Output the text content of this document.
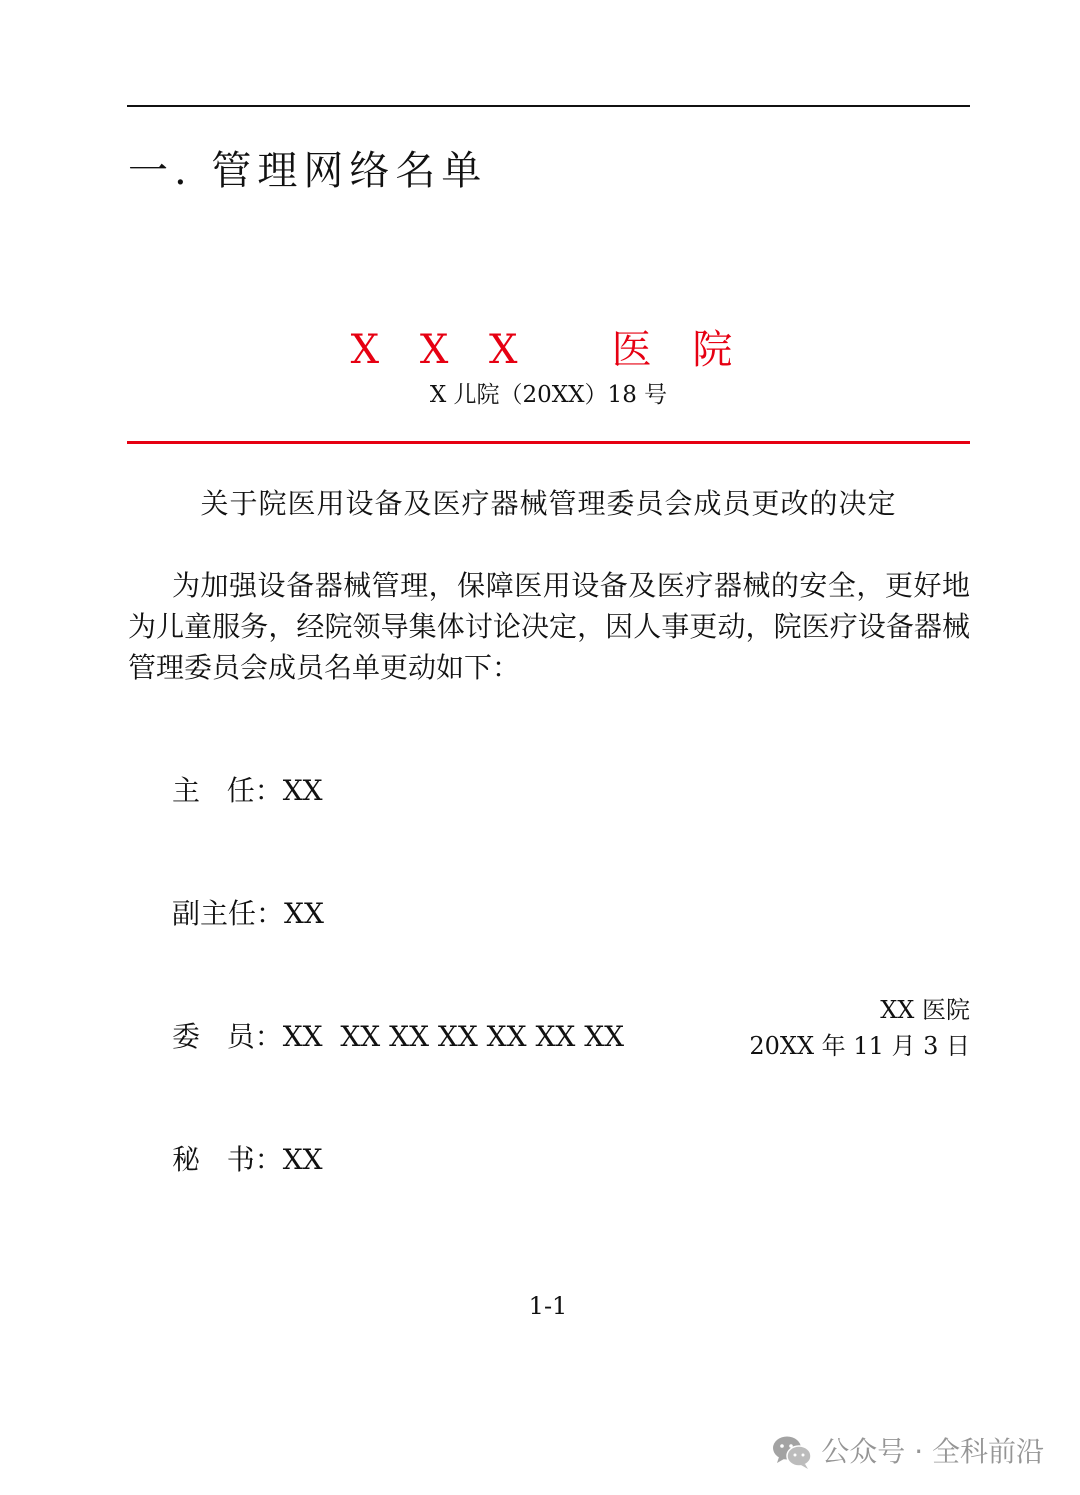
一. 管理网络名单
X X X   医 院
X 儿院（20XX）18 号
关于院医用设备及医疗器械管理委员会成员更改的决定

为加强设备器械管理，保障医用设备及医疗器械的安全，更好地为儿童服务，经院领导集体讨论决定，因人事更动，院医疗设备器械管理委员会成员名单更动如下：

主   任：XX

副主任：XX

委   员：XX  XX XX XX XX XX XX

秘   书：XX

XX 医院
20XX 年 11 月 3 日
1-1
公众号 · 全科前沿
